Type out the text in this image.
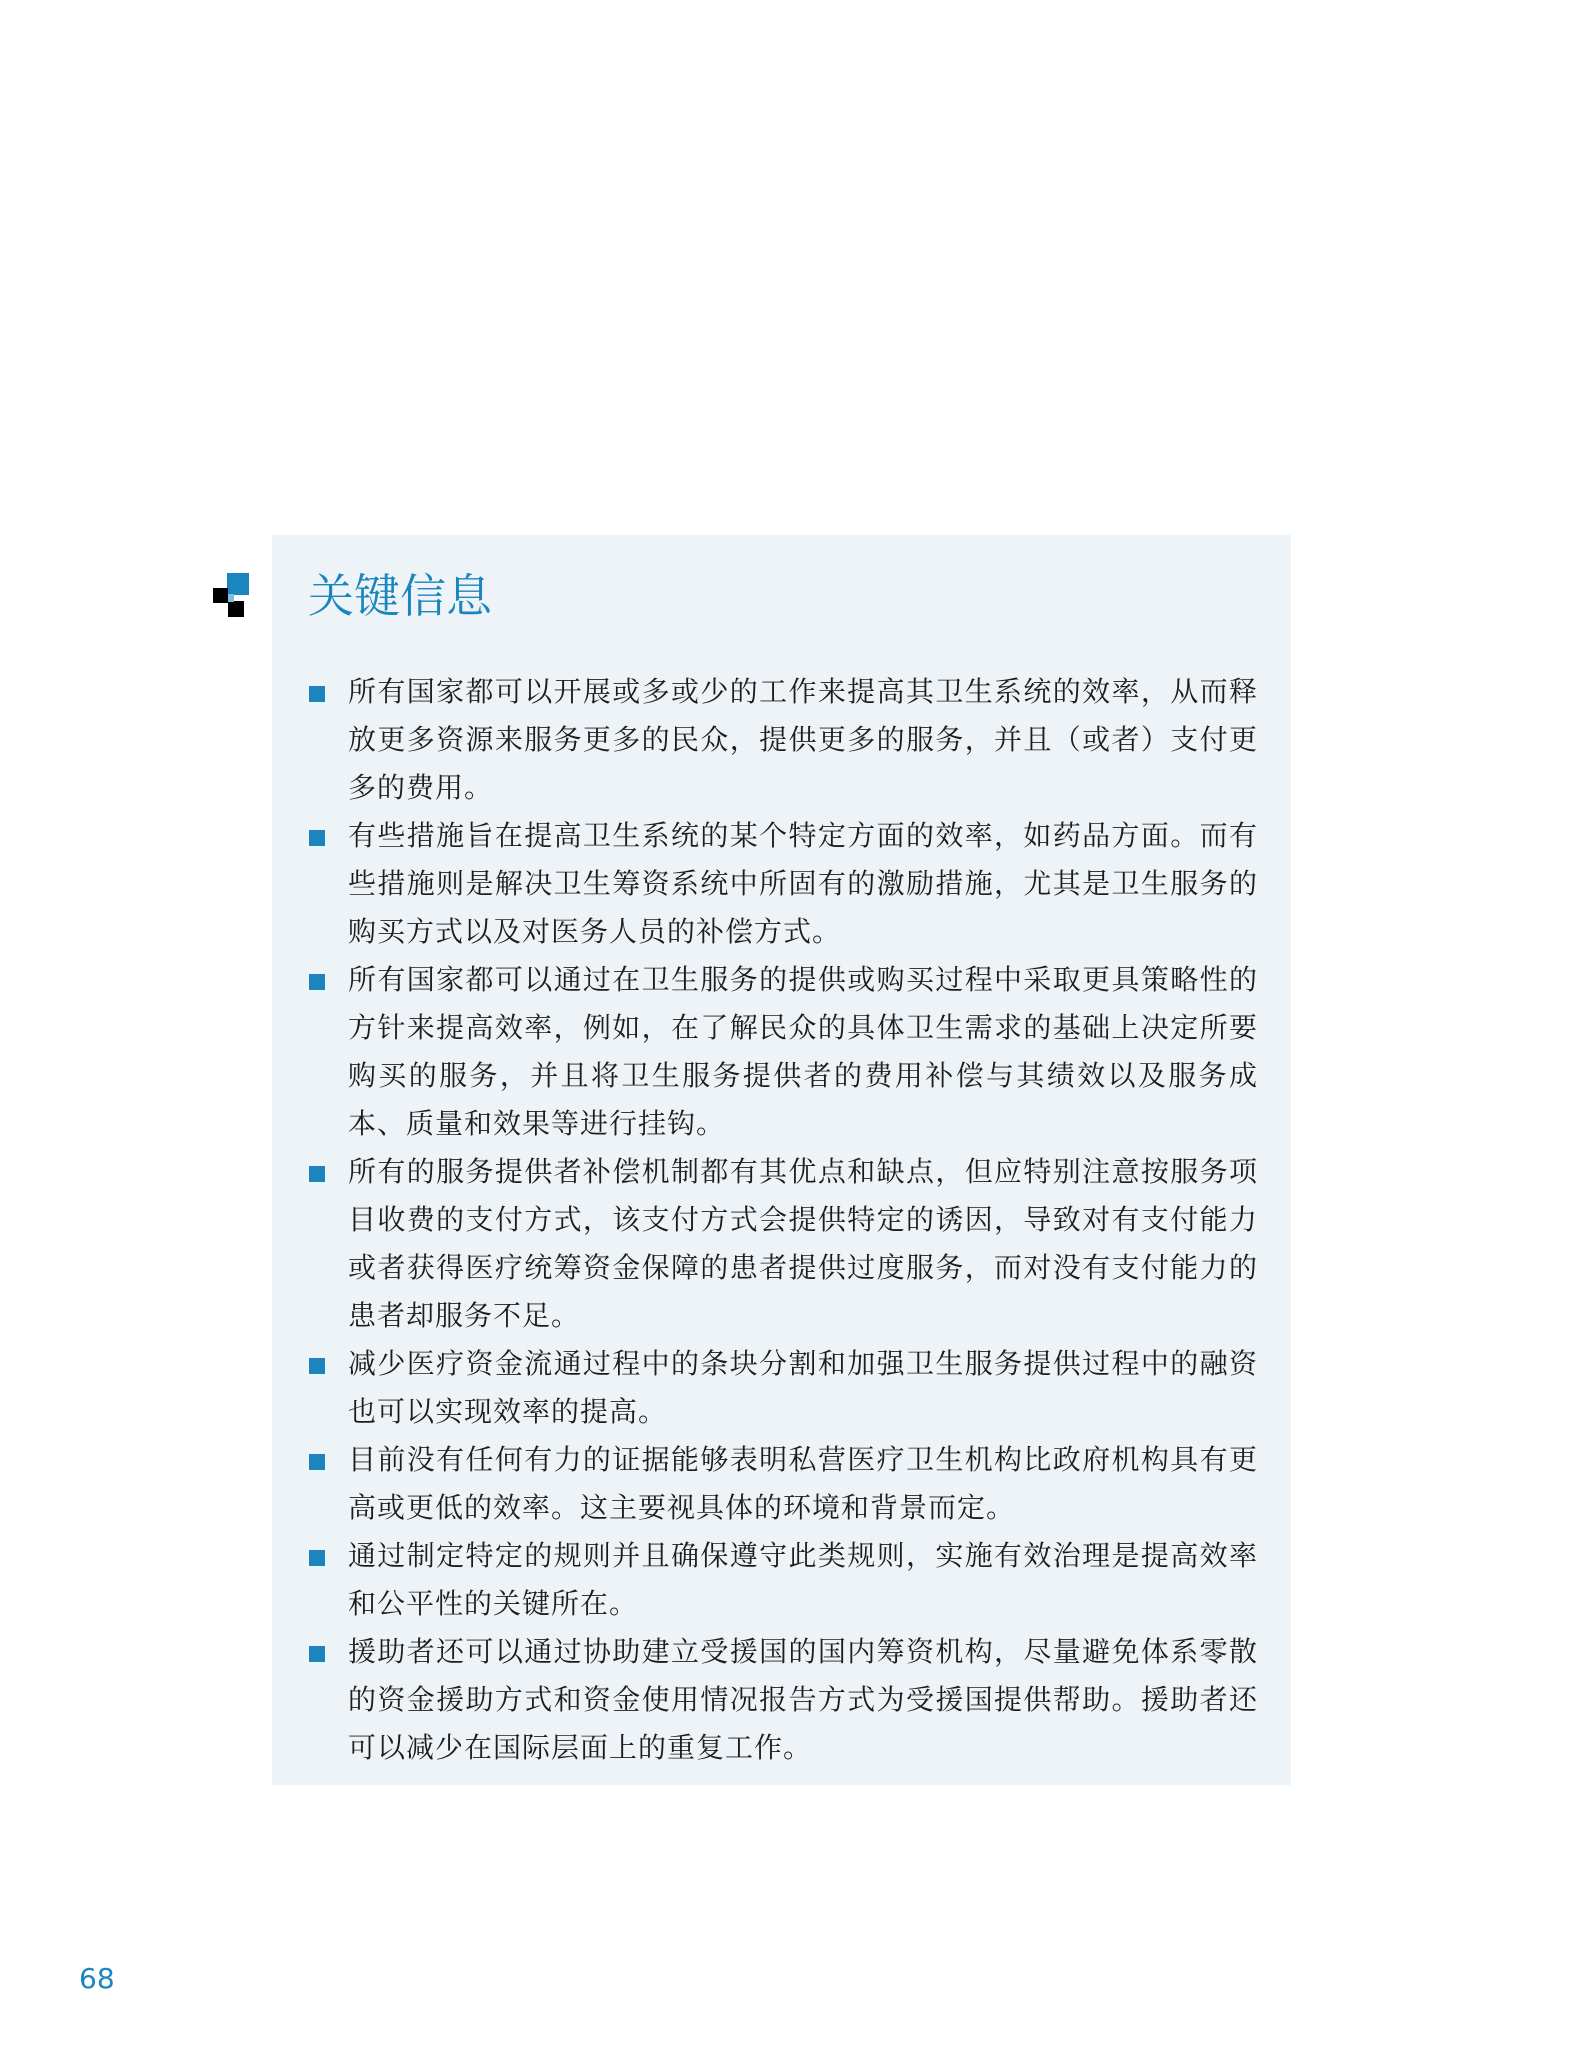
关键信息
所有国家都可以开展或多或少的工作来提高其卫生系统的效率，从而释放更多资源来服务更多的民众，提供更多的服务，并且（或者）支付更多的费用。
有些措施旨在提高卫生系统的某个特定方面的效率，如药品方面。而有些措施则是解决卫生筹资系统中所固有的激励措施，尤其是卫生服务的购买方式以及对医务人员的补偿方式。
所有国家都可以通过在卫生服务的提供或购买过程中采取更具策略性的方针来提高效率，例如，在了解民众的具体卫生需求的基础上决定所要购买的服务，并且将卫生服务提供者的费用补偿与其绩效以及服务成本、质量和效果等进行挂钩。
所有的服务提供者补偿机制都有其优点和缺点，但应特别注意按服务项目收费的支付方式，该支付方式会提供特定的诱因，导致对有支付能力或者获得医疗统筹资金保障的患者提供过度服务，而对没有支付能力的患者却服务不足。
减少医疗资金流通过程中的条块分割和加强卫生服务提供过程中的融资也可以实现效率的提高。
目前没有任何有力的证据能够表明私营医疗卫生机构比政府机构具有更高或更低的效率。这主要视具体的环境和背景而定。
通过制定特定的规则并且确保遵守此类规则，实施有效治理是提高效率和公平性的关键所在。
援助者还可以通过协助建立受援国的国内筹资机构，尽量避免体系零散的资金援助方式和资金使用情况报告方式为受援国提供帮助。援助者还可以减少在国际层面上的重复工作。
68
